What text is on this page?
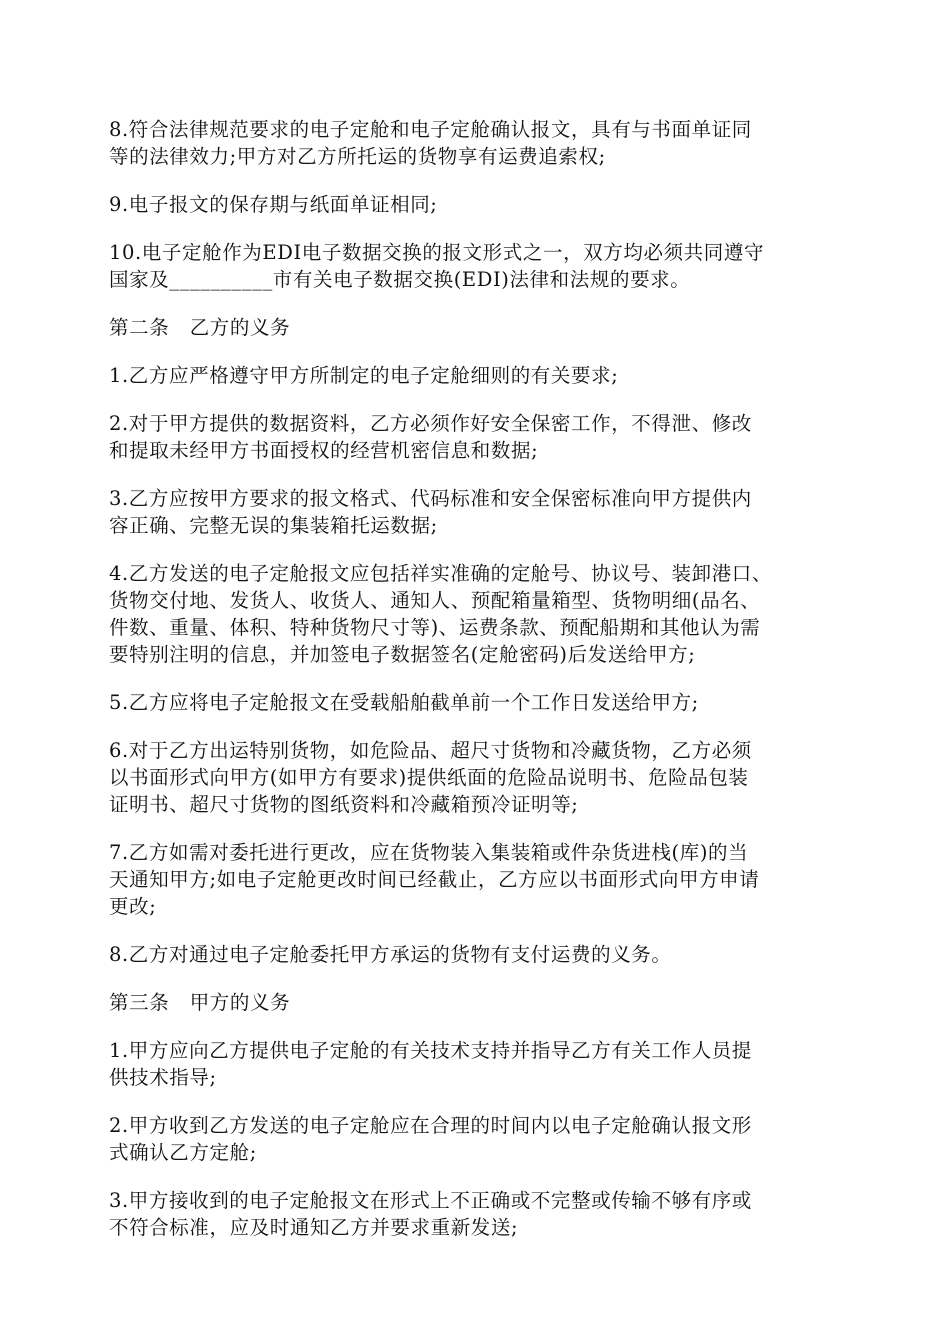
8.符合法律规范要求的电子定舱和电子定舱确认报文，具有与书面单证同
等的法律效力;甲方对乙方所托运的货物享有运费追索权;

9.电子报文的保存期与纸面单证相同;

10.电子定舱作为EDI电子数据交换的报文形式之一，双方均必须共同遵守
国家及__________市有关电子数据交换(EDI)法律和法规的要求。

第二条   乙方的义务

1.乙方应严格遵守甲方所制定的电子定舱细则的有关要求;

2.对于甲方提供的数据资料，乙方必须作好安全保密工作，不得泄、修改
和提取未经甲方书面授权的经营机密信息和数据;

3.乙方应按甲方要求的报文格式、代码标准和安全保密标准向甲方提供内
容正确、完整无误的集装箱托运数据;

4.乙方发送的电子定舱报文应包括祥实准确的定舱号、协议号、装卸港口、
货物交付地、发货人、收货人、通知人、预配箱量箱型、货物明细(品名、
件数、重量、体积、特种货物尺寸等)、运费条款、预配船期和其他认为需
要特别注明的信息，并加签电子数据签名(定舱密码)后发送给甲方;

5.乙方应将电子定舱报文在受载船舶截单前一个工作日发送给甲方;

6.对于乙方出运特别货物，如危险品、超尺寸货物和冷藏货物，乙方必须
以书面形式向甲方(如甲方有要求)提供纸面的危险品说明书、危险品包装
证明书、超尺寸货物的图纸资料和冷藏箱预冷证明等;

7.乙方如需对委托进行更改，应在货物装入集装箱或件杂货进栈(库)的当
天通知甲方;如电子定舱更改时间已经截止，乙方应以书面形式向甲方申请
更改;

8.乙方对通过电子定舱委托甲方承运的货物有支付运费的义务。

第三条   甲方的义务

1.甲方应向乙方提供电子定舱的有关技术支持并指导乙方有关工作人员提
供技术指导;

2.甲方收到乙方发送的电子定舱应在合理的时间内以电子定舱确认报文形
式确认乙方定舱;

3.甲方接收到的电子定舱报文在形式上不正确或不完整或传输不够有序或
不符合标准，应及时通知乙方并要求重新发送;
